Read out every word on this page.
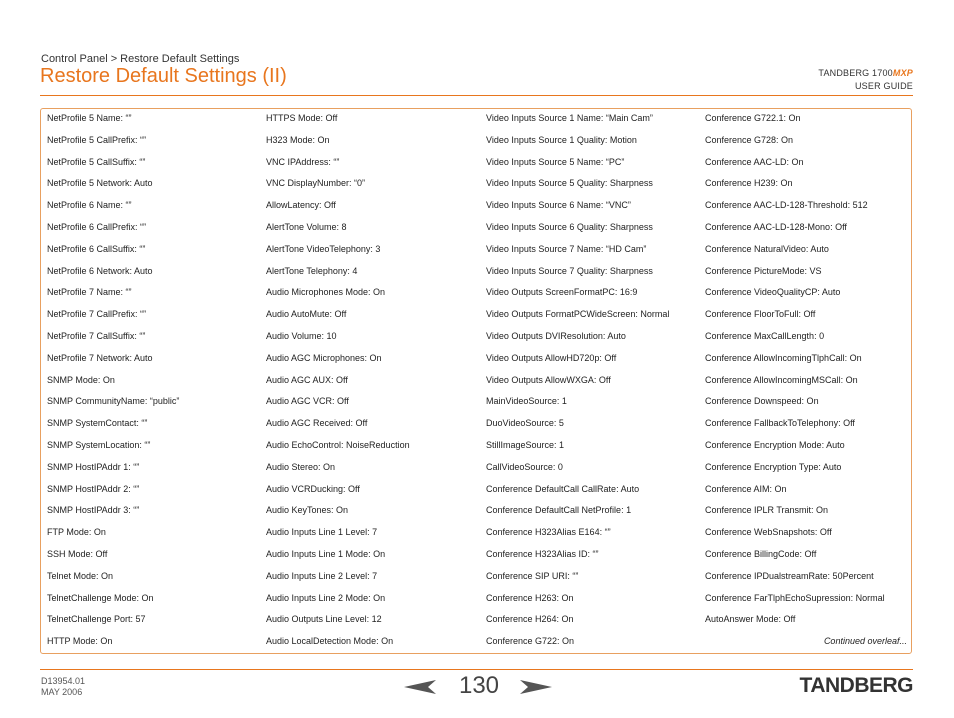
Control Panel > Restore Default Settings
Restore Default Settings (II)	TANDBERG 1700MXP
USER GUIDE
NetProfile 5 Name: “”
NetProfile 5 CallPrefix: “”
NetProfile 5 CallSuffix: “”
NetProfile 5 Network: Auto
NetProfile 6 Name: “”
NetProfile 6 CallPrefix: “”
NetProfile 6 CallSuffix: “”
NetProfile 6 Network: Auto
NetProfile 7 Name: “”
NetProfile 7 CallPrefix: “”
NetProfile 7 CallSuffix: “”
NetProfile 7 Network: Auto
SNMP Mode: On
SNMP CommunityName: “public”
SNMP SystemContact: “”
SNMP SystemLocation: “”
SNMP HostIPAddr 1: “”
SNMP HostIPAddr 2: “”
SNMP HostIPAddr 3: “”
FTP Mode: On
SSH Mode: Off
Telnet Mode: On
TelnetChallenge Mode: On
TelnetChallenge Port: 57
HTTP Mode: On
HTTPS Mode: Off
H323 Mode: On
VNC IPAddress: “”
VNC DisplayNumber: “0”
AllowLatency: Off
AlertTone Volume: 8
AlertTone VideoTelephony: 3
AlertTone Telephony: 4
Audio Microphones Mode: On
Audio AutoMute: Off
Audio Volume: 10
Audio AGC Microphones: On
Audio AGC AUX: Off
Audio AGC VCR: Off
Audio AGC Received: Off
Audio EchoControl: NoiseReduction
Audio Stereo: On
Audio VCRDucking: Off
Audio KeyTones: On
Audio Inputs Line 1 Level: 7
Audio Inputs Line 1 Mode: On
Audio Inputs Line 2 Level: 7
Audio Inputs Line 2 Mode: On
Audio Outputs Line Level: 12
Audio LocalDetection Mode: On
Video Inputs Source 1 Name: “Main Cam”
Video Inputs Source 1 Quality: Motion
Video Inputs Source 5 Name: “PC”
Video Inputs Source 5 Quality: Sharpness
Video Inputs Source 6 Name: “VNC”
Video Inputs Source 6 Quality: Sharpness
Video Inputs Source 7 Name: “HD Cam”
Video Inputs Source 7 Quality: Sharpness
Video Outputs ScreenFormatPC: 16:9
Video Outputs FormatPCWideScreen: Normal
Video Outputs DVIResolution: Auto
Video Outputs AllowHD720p: Off
Video Outputs AllowWXGA: Off
MainVideoSource: 1
DuoVideoSource: 5
StillImageSource: 1
CallVideoSource: 0
Conference DefaultCall CallRate: Auto
Conference DefaultCall NetProfile: 1
Conference H323Alias E164: “”
Conference H323Alias ID: “”
Conference SIP URI: “”
Conference H263: On
Conference H264: On
Conference G722: On
Conference G722.1: On
Conference G728: On
Conference AAC-LD: On
Conference H239: On
Conference AAC-LD-128-Threshold: 512
Conference AAC-LD-128-Mono: Off
Conference NaturalVideo: Auto
Conference PictureMode: VS
Conference VideoQualityCP: Auto
Conference FloorToFull: Off
Conference MaxCallLength: 0
Conference AllowIncomingTlphCall: On
Conference AllowIncomingMSCall: On
Conference Downspeed: On
Conference FallbackToTelephony: Off
Conference Encryption Mode: Auto
Conference Encryption Type: Auto
Conference AIM: On
Conference IPLR Transmit: On
Conference WebSnapshots: Off
Conference BillingCode: Off
Conference IPDualstreamRate: 50Percent
Conference FarTlphEchoSupression: Normal
AutoAnswer Mode: Off
Continued overleaf...
D13954.01
MAY 2006	130	TANDBERG
